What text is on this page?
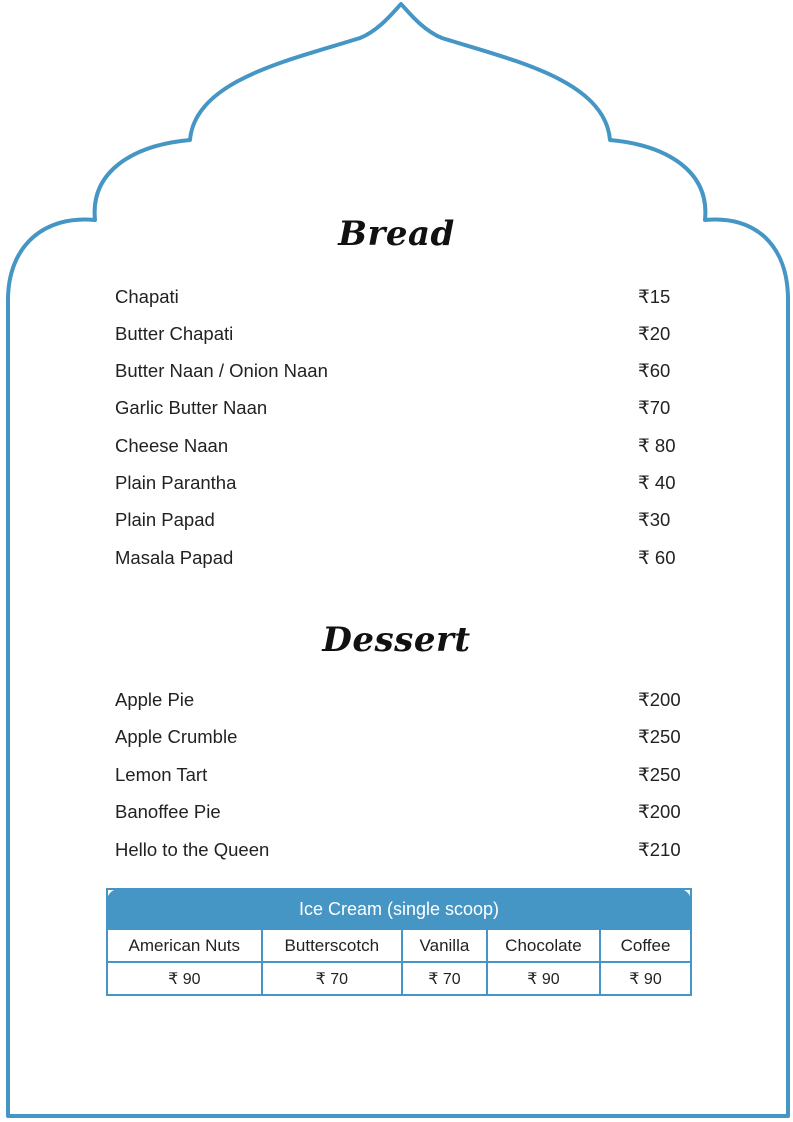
Bread
Chapati	₹15
Butter Chapati	₹20
Butter Naan / Onion Naan	₹60
Garlic Butter Naan	₹70
Cheese Naan	₹ 80
Plain Parantha	₹ 40
Plain Papad	₹30
Masala Papad	₹ 60
Dessert
Apple Pie	₹200
Apple Crumble	₹250
Lemon Tart	₹250
Banoffee Pie	₹200
Hello to the Queen	₹210
Ice Cream (single scoop)				
American Nuts	Butterscotch	Vanilla	Chocolate	Coffee
₹ 90	₹ 70	₹ 70	₹ 90	₹ 90
